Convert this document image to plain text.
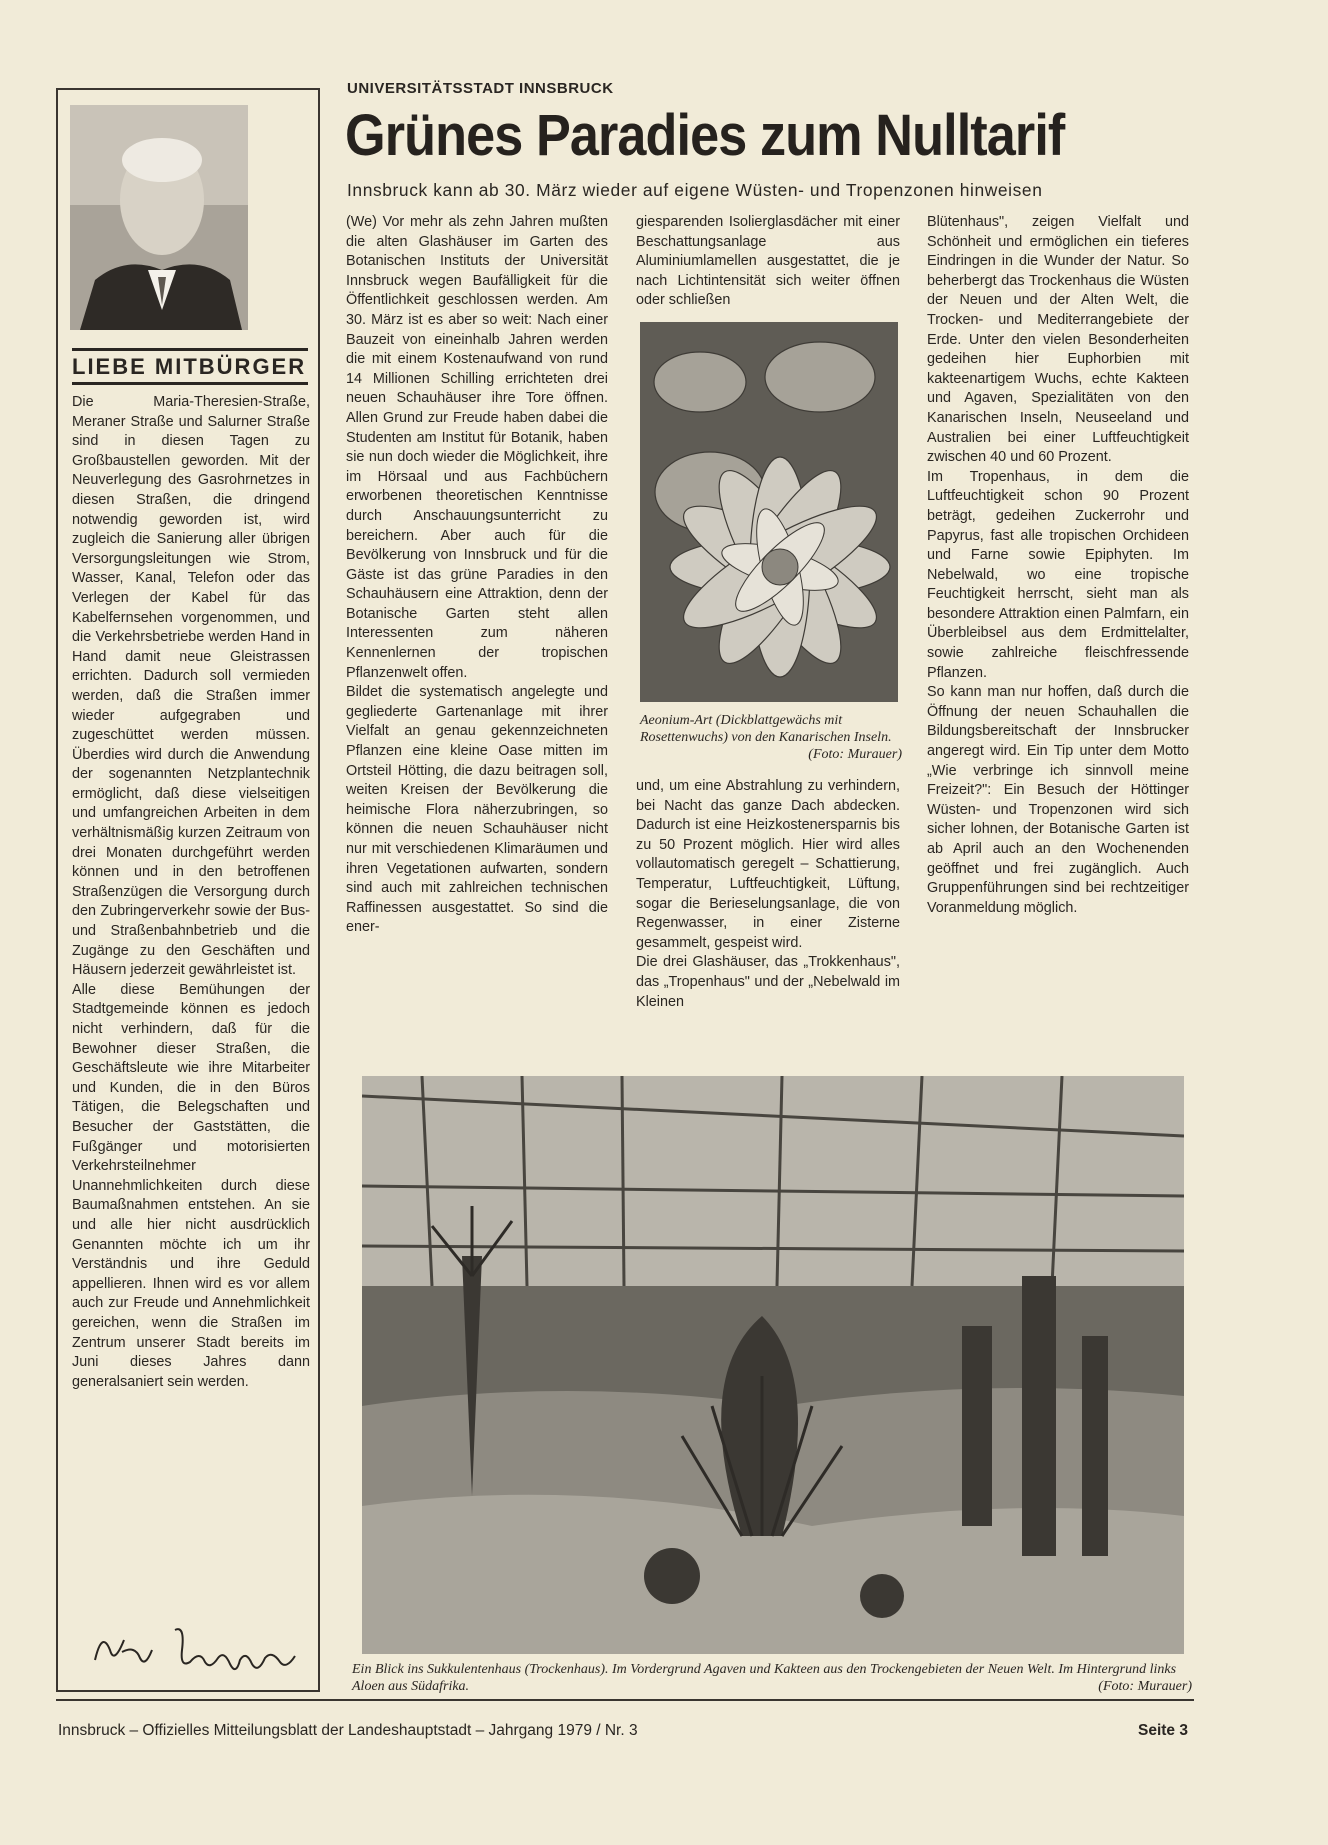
LIEBE MITBÜRGER

Die Maria-Theresien-Straße, Meraner Straße und Salurner Straße sind in diesen Tagen zu Großbaustellen geworden. Mit der Neuverlegung des Gasrohrnetzes in diesen Straßen, die dringend notwendig geworden ist, wird zugleich die Sanierung aller übrigen Versorgungsleitungen wie Strom, Wasser, Kanal, Telefon oder das Verlegen der Kabel für das Kabelfernsehen vorgenommen, und die Verkehrsbetriebe werden Hand in Hand damit neue Gleistrassen errichten. Dadurch soll vermieden werden, daß die Straßen immer wieder aufgegraben und zugeschüttet werden müssen. Überdies wird durch die Anwendung der sogenannten Netzplantechnik ermöglicht, daß diese vielseitigen und umfangreichen Arbeiten in dem verhältnismäßig kurzen Zeitraum von drei Monaten durchgeführt werden können und in den betroffenen Straßenzügen die Versorgung durch den Zubringerverkehr sowie der Bus- und Straßenbahnbetrieb und die Zugänge zu den Geschäften und Häusern jederzeit gewährleistet ist.

Alle diese Bemühungen der Stadtgemeinde können es jedoch nicht verhindern, daß für die Bewohner dieser Straßen, die Geschäftsleute wie ihre Mitarbeiter und Kunden, die in den Büros Tätigen, die Belegschaften und Besucher der Gaststätten, die Fußgänger und motorisierten Verkehrsteilnehmer Unannehmlichkeiten durch diese Baumaßnahmen entstehen. An sie und alle hier nicht ausdrücklich Genannten möchte ich um ihr Verständnis und ihre Geduld appellieren. Ihnen wird es vor allem auch zur Freude und Annehmlichkeit gereichen, wenn die Straßen im Zentrum unserer Stadt bereits im Juni dieses Jahres dann generalsaniert sein werden.

UNIVERSITÄTSSTADT INNSBRUCK
Grünes Paradies zum Nulltarif
Innsbruck kann ab 30. März wieder auf eigene Wüsten- und Tropenzonen hinweisen

(We) Vor mehr als zehn Jahren mußten die alten Glashäuser im Garten des Botanischen Instituts der Universität Innsbruck wegen Baufälligkeit für die Öffentlichkeit geschlossen werden. Am 30. März ist es aber so weit: Nach einer Bauzeit von eineinhalb Jahren werden die mit einem Kostenaufwand von rund 14 Millionen Schilling errichteten drei neuen Schauhäuser ihre Tore öffnen. Allen Grund zur Freude haben dabei die Studenten am Institut für Botanik, haben sie nun doch wieder die Möglichkeit, ihre im Hörsaal und aus Fachbüchern erworbenen theoretischen Kenntnisse durch Anschauungsunterricht zu bereichern. Aber auch für die Bevölkerung von Innsbruck und für die Gäste ist das grüne Paradies in den Schauhäusern eine Attraktion, denn der Botanische Garten steht allen Interessenten zum näheren Kennenlernen der tropischen Pflanzenwelt offen.

Bildet die systematisch angelegte und gegliederte Gartenanlage mit ihrer Vielfalt an genau gekennzeichneten Pflanzen eine kleine Oase mitten im Ortsteil Hötting, die dazu beitragen soll, weiten Kreisen der Bevölkerung die heimische Flora näherzubringen, so können die neuen Schauhäuser nicht nur mit verschiedenen Klimaräumen und ihren Vegetationen aufwarten, sondern sind auch mit zahlreichen technischen Raffinessen ausgestattet. So sind die ener-

giesparenden Isolierglasdächer mit einer Beschattungsanlage aus Aluminiumlamellen ausgestattet, die je nach Lichtintensität sich weiter öffnen oder schließen

Aeonium-Art (Dickblattgewächs mit Rosettenwuchs) von den Kanarischen Inseln.
(Foto: Murauer)

und, um eine Abstrahlung zu verhindern, bei Nacht das ganze Dach abdecken. Dadurch ist eine Heizkostenersparnis bis zu 50 Prozent möglich. Hier wird alles vollautomatisch geregelt – Schattierung, Temperatur, Luftfeuchtigkeit, Lüftung, sogar die Berieselungsanlage, die von Regenwasser, in einer Zisterne gesammelt, gespeist wird.

Die drei Glashäuser, das „Trokkenhaus", das „Tropenhaus" und der „Nebelwald im Kleinen

Blütenhaus", zeigen Vielfalt und Schönheit und ermöglichen ein tieferes Eindringen in die Wunder der Natur. So beherbergt das Trockenhaus die Wüsten der Neuen und der Alten Welt, die Trocken- und Mediterrangebiete der Erde. Unter den vielen Besonderheiten gedeihen hier Euphorbien mit kakteenartigem Wuchs, echte Kakteen und Agaven, Spezialitäten von den Kanarischen Inseln, Neuseeland und Australien bei einer Luftfeuchtigkeit zwischen 40 und 60 Prozent.

Im Tropenhaus, in dem die Luftfeuchtigkeit schon 90 Prozent beträgt, gedeihen Zuckerrohr und Papyrus, fast alle tropischen Orchideen und Farne sowie Epiphyten. Im Nebelwald, wo eine tropische Feuchtigkeit herrscht, sieht man als besondere Attraktion einen Palmfarn, ein Überbleibsel aus dem Erdmittelalter, sowie zahlreiche fleischfressende Pflanzen.

So kann man nur hoffen, daß durch die Öffnung der neuen Schauhallen die Bildungsbereitschaft der Innsbrucker angeregt wird. Ein Tip unter dem Motto „Wie verbringe ich sinnvoll meine Freizeit?": Ein Besuch der Höttinger Wüsten- und Tropenzonen wird sich sicher lohnen, der Botanische Garten ist ab April auch an den Wochenenden geöffnet und frei zugänglich. Auch Gruppenführungen sind bei rechtzeitiger Voranmeldung möglich.

Ein Blick ins Sukkulentenhaus (Trockenhaus). Im Vordergrund Agaven und Kakteen aus den Trockengebieten der Neuen Welt. Im Hintergrund links Aloen aus Südafrika.	(Foto: Murauer)
Innsbruck – Offizielles Mitteilungsblatt der Landeshauptstadt – Jahrgang 1979 / Nr. 3	Seite 3
